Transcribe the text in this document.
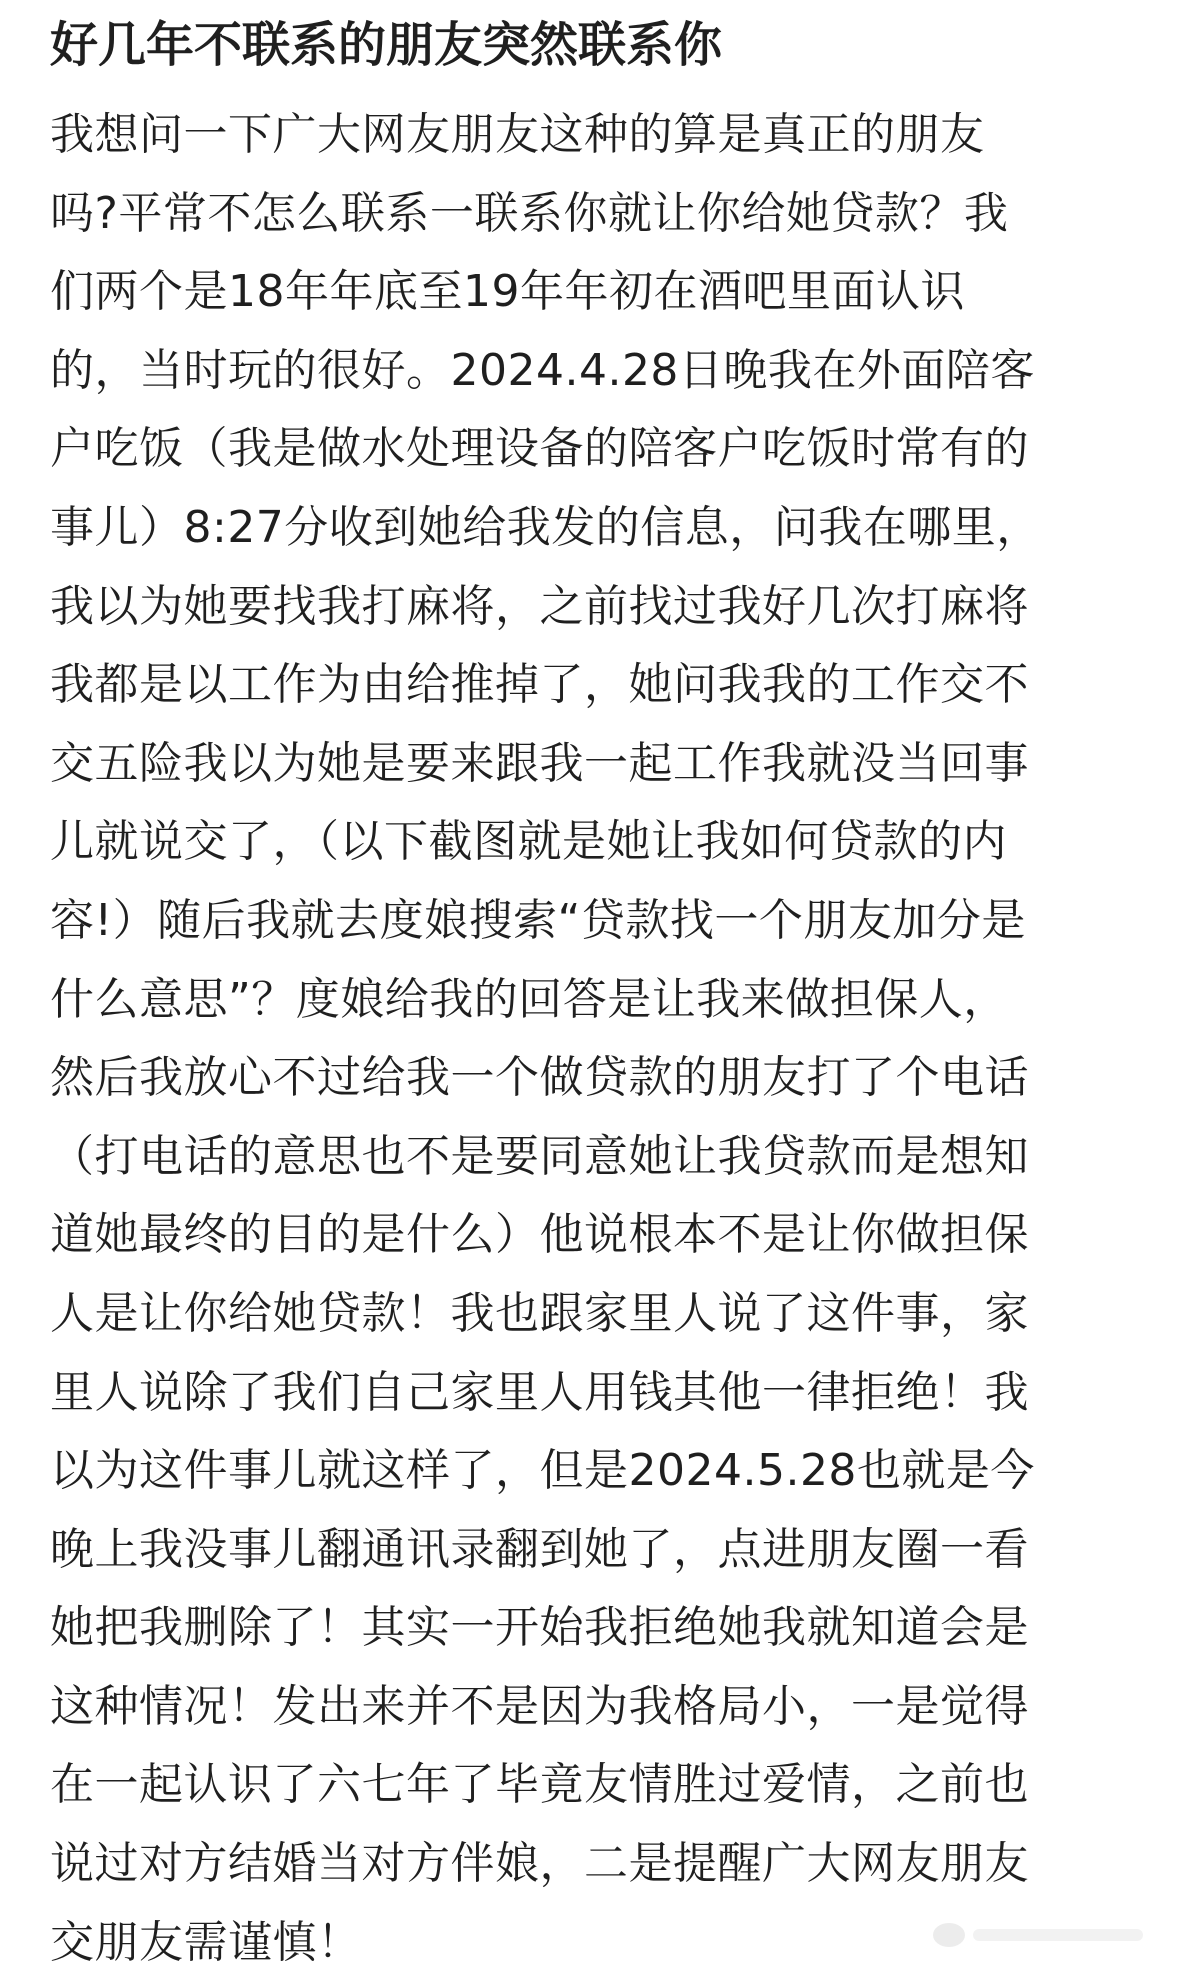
好几年不联系的朋友突然联系你
我想问一下广大网友朋友这种的算是真正的朋友
吗?平常不怎么联系一联系你就让你给她贷款？我
们两个是18年年底至19年年初在酒吧里面认识
的，当时玩的很好。2024.4.28日晚我在外面陪客
户吃饭（我是做水处理设备的陪客户吃饭时常有的
事儿）8:27分收到她给我发的信息，问我在哪里，
我以为她要找我打麻将，之前找过我好几次打麻将
我都是以工作为由给推掉了，她问我我的工作交不
交五险我以为她是要来跟我一起工作我就没当回事
儿就说交了，（以下截图就是她让我如何贷款的内
容!）随后我就去度娘搜索“贷款找一个朋友加分是
什么意思”？度娘给我的回答是让我来做担保人，
然后我放心不过给我一个做贷款的朋友打了个电话
（打电话的意思也不是要同意她让我贷款而是想知
道她最终的目的是什么）他说根本不是让你做担保
人是让你给她贷款！我也跟家里人说了这件事，家
里人说除了我们自己家里人用钱其他一律拒绝！我
以为这件事儿就这样了，但是2024.5.28也就是今
晚上我没事儿翻通讯录翻到她了，点进朋友圈一看
她把我删除了！其实一开始我拒绝她我就知道会是
这种情况！发出来并不是因为我格局小，一是觉得
在一起认识了六七年了毕竟友情胜过爱情，之前也
说过对方结婚当对方伴娘，二是提醒广大网友朋友
交朋友需谨慎！
